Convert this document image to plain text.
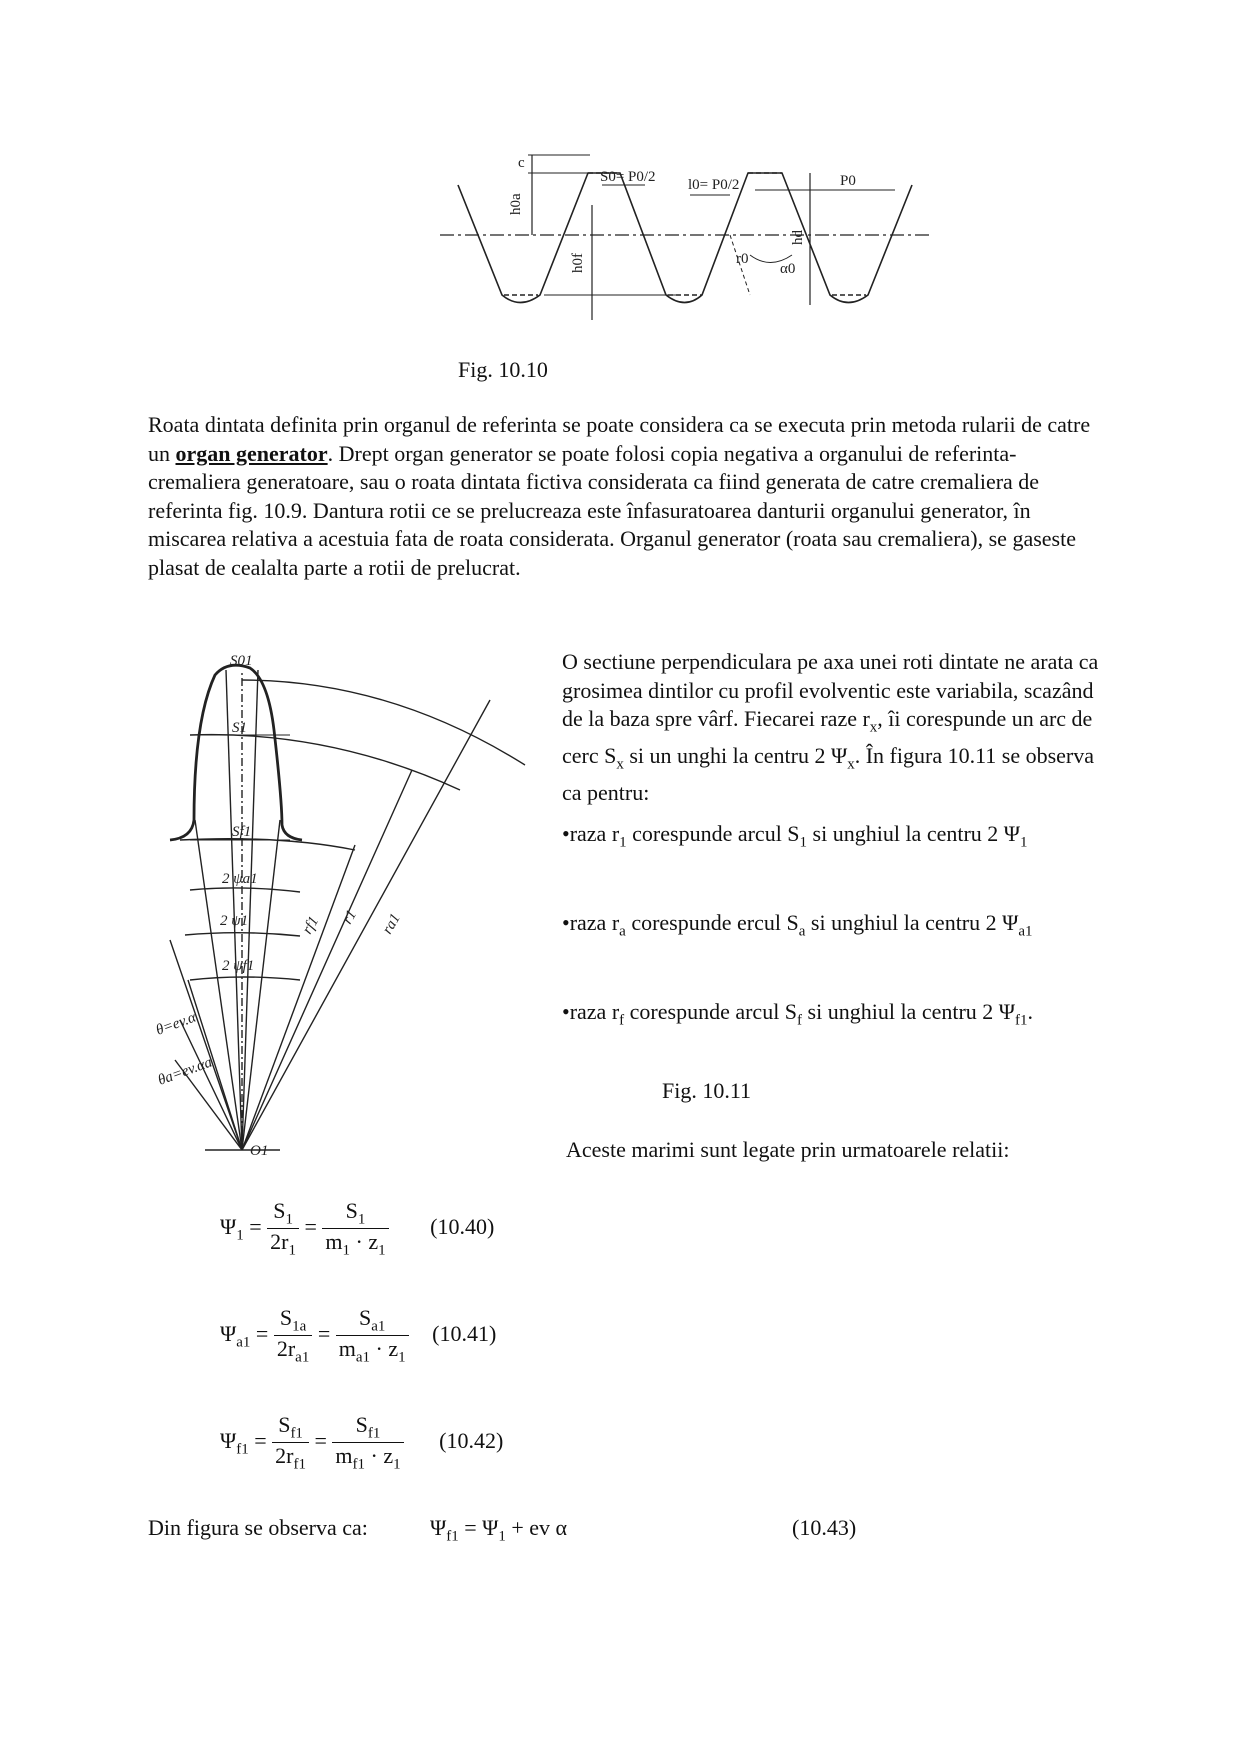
c
h0a
h0f
S0= P0/2 l0= P0/2	P0
hd
r0
α0
Fig. 10.10
Roata dintata definita prin organul de referinta se poate considera ca se executa prin metoda rularii de catre un organ generator. Drept organ generator se poate folosi copia negativa a organului de referinta-cremaliera generatoare, sau o roata dintata fictiva considerata ca fiind generata de catre cremaliera de referinta fig. 10.9. Dantura rotii ce se prelucreaza este înfasuratoarea danturii organului generator, în miscarea relativa a acestuia fata de roata considerata. Organul generator (roata sau cremaliera), se gaseste plasat de cealalta parte a rotii de prelucrat.
S01
S1
Sf1
2 ψa1
2 ψ1
2 ψf1
rf1 r1 ra1
θ=ev.α
θa=ev.αa
O1
O sectiune perpendiculara pe axa unei roti dintate ne arata ca grosimea dintilor cu profil evolventic este variabila, scazând de la baza spre vârf. Fiecarei raze $r_x$, îi corespunde un arc de cerc $S_x$ si un unghi la centru 2 $\Psi_x$. În figura 10.11 se observa ca pentru:
•raza $r_1$ corespunde arcul $S_1$ si unghiul la centru 2 $\Psi_1$
•raza $r_a$ corespunde ercul $S_a$ si unghiul la centru 2 $\Psi_{a1}$
•raza $r_f$ corespunde arcul $S_f$ si unghiul la centru 2 $\Psi_{f1}$.
Fig. 10.11
Aceste marimi sunt legate prin urmatoarele relatii:
$\Psi_1 = \frac{S_1}{2r_1} = \frac{S_1}{m_1 \cdot z_1} (10.40)$
$\Psi_{a1} = \frac{S_{1a}}{2r_{a1}} = \frac{S_{a1}}{m_{a1} \cdot z_1} (10.41)$
$\Psi_{f1} = \frac{S_{f1}}{2r_{f1}} = \frac{S_{f1}}{m_{f1} \cdot z_1} (10.42)$
Din figura se observa ca:	$\Psi_{f1} = \Psi_1$ + ev α	(10.43)
